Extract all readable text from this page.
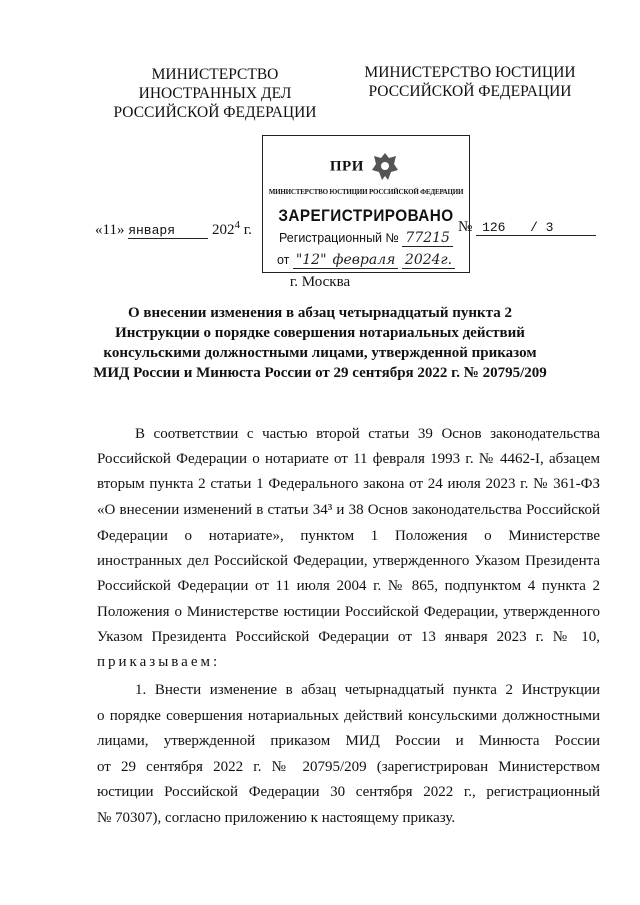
МИНИСТЕРСТВО
ИНОСТРАННЫХ ДЕЛ
РОССИЙСКОЙ ФЕДЕРАЦИИ
МИНИСТЕРСТВО ЮСТИЦИИ
РОССИЙСКОЙ ФЕДЕРАЦИИ
ПРИ
МИНИСТЕРСТВО ЮСТИЦИИ РОССИЙСКОЙ ФЕДЕРАЦИИ
ЗАРЕГИСТРИРОВАНО
Регистрационный № 77215
от "12" февраля 2024г.
«11» января $202^4$ г.	№ 126 / 3
г. Москва
О внесении изменения в абзац четырнадцатый пункта 2
Инструкции о порядке совершения нотариальных действий
консульскими должностными лицами, утвержденной приказом
МИД России и Минюста России от 29 сентября 2022 г. № 20795/209
В соответствии с частью второй статьи 39 Основ законодательства
Российской Федерации о нотариате от 11 февраля 1993 г. № 4462-I, абзацем
вторым пункта 2 статьи 1 Федерального закона от 24 июля 2023 г. № 361-ФЗ
«О внесении изменений в статьи 34³ и 38 Основ законодательства Российской
Федерации о нотариате», пунктом 1 Положения о Министерстве
иностранных дел Российской Федерации, утвержденного Указом Президента
Российской Федерации от 11 июля 2004 г. № 865, подпунктом 4 пункта 2
Положения о Министерстве юстиции Российской Федерации, утвержденного
Указом Президента Российской Федерации от 13 января 2023 г. № 10,
приказываем:
1. Внести изменение в абзац четырнадцатый пункта 2 Инструкции
о порядке совершения нотариальных действий консульскими должностными
лицами, утвержденной приказом МИД России и Минюста России
от 29 сентября 2022 г. № 20795/209 (зарегистрирован Министерством
юстиции Российской Федерации 30 сентября 2022 г., регистрационный
№ 70307), согласно приложению к настоящему приказу.
